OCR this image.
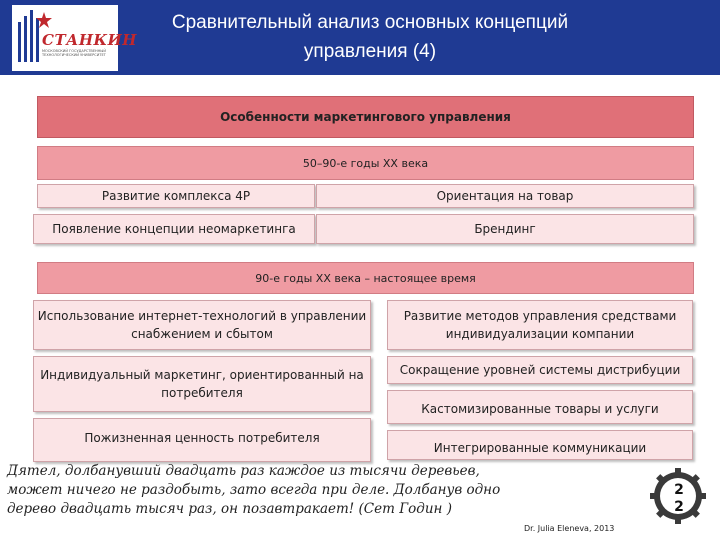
СТАНКИН
МОСКОВСКИЙ ГОСУДАРСТВЕННЫЙ ТЕХНОЛОГИЧЕСКИЙ УНИВЕРСИТЕТ
Сравнительный анализ основных концепций
управления (4)
Особенности маркетингового управления
50–90-е годы XX века
Развитие комплекса 4P
Появление концепции неомаркетинга
Ориентация на товар
Брендинг
90-е годы XX века – настоящее время
Использование интернет-технологий в управлении снабжением и сбытом
Индивидуальный маркетинг, ориентированный на потребителя
Пожизненная ценность потребителя
Развитие методов управления средствами индивидуализации компании
Сокращение уровней системы дистрибуции
Кастомизированные товары и услуги
Интегрированные коммуникации
Дятел, долбанувший двадцать раз каждое из тысячи деревьев,
может ничего не раздобыть, зато всегда при деле. Долбанув одно
дерево двадцать тысяч раз, он позавтракает! (Сет Годин )
Dr. Julia Eleneva, 2013
2
2
